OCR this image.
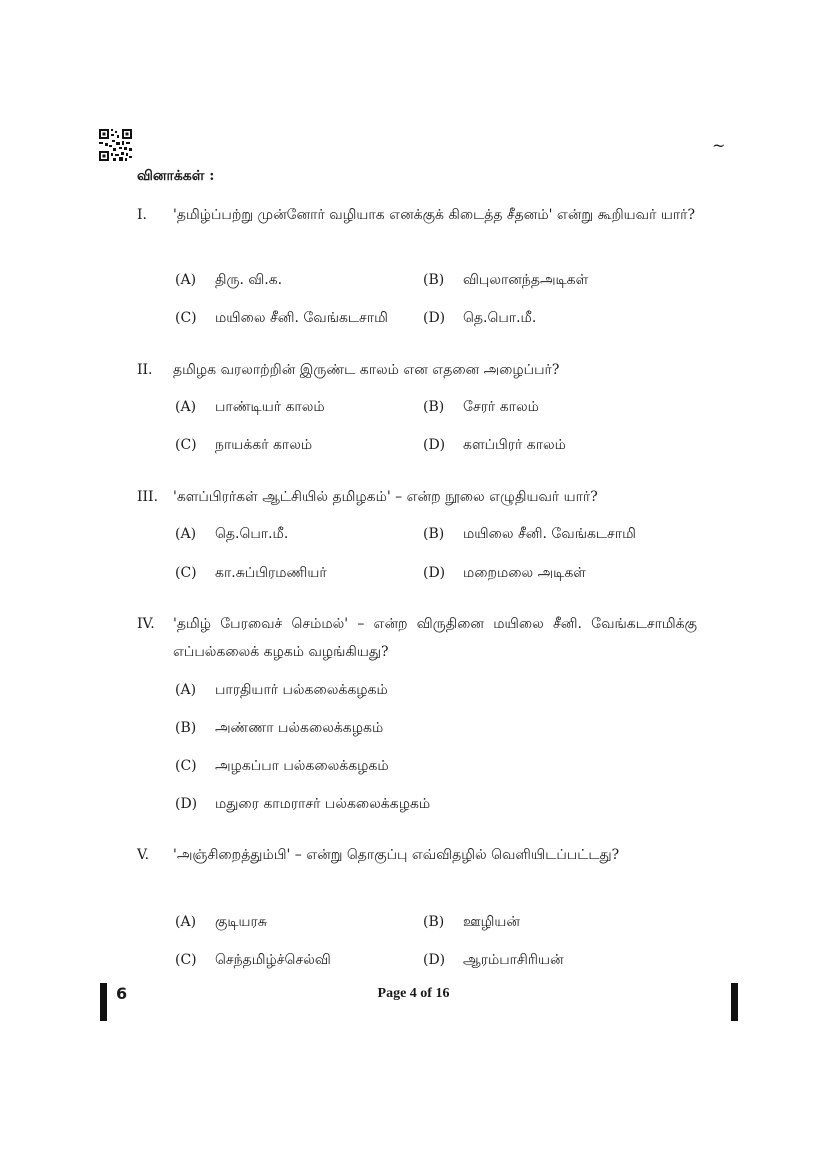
~
வினாக்கள் :
I.	'தமிழ்ப்பற்று முன்னோர் வழியாக எனக்குக் கிடைத்த சீதனம்' என்று கூறியவர் யார்?
(A) திரு. வி.க.	(B) விபுலானந்தஅடிகள்
(C) மயிலை சீனி. வேங்கடசாமி	(D) தெ.பொ.மீ.
II.	தமிழக வரலாற்றின் இருண்ட காலம் என எதனை அழைப்பர்?
(A) பாண்டியர் காலம்	(B) சேரர் காலம்
(C) நாயக்கர் காலம்	(D) களப்பிரர் காலம்
III.	'களப்பிரர்கள் ஆட்சியில் தமிழகம்' – என்ற நூலை எழுதியவர் யார்?
(A) தெ.பொ.மீ.	(B) மயிலை சீனி. வேங்கடசாமி
(C) கா.சுப்பிரமணியர்	(D) மறைமலை அடிகள்
IV.	'தமிழ் பேரவைச் செம்மல்' – என்ற விருதினை மயிலை சீனி. வேங்கடசாமிக்கு எப்பல்கலைக் கழகம் வழங்கியது?
(A) பாரதியார் பல்கலைக்கழகம்
(B) அண்ணா பல்கலைக்கழகம்
(C) அழகப்பா பல்கலைக்கழகம்
(D) மதுரை காமராசர் பல்கலைக்கழகம்
V.	'அஞ்சிறைத்தும்பி' – என்று தொகுப்பு எவ்விதழில் வெளியிடப்பட்டது?
(A) குடியரசு	(B) ஊழியன்
(C) செந்தமிழ்ச்செல்வி	(D) ஆரம்பாசிரியன்
6	Page 4 of 16
